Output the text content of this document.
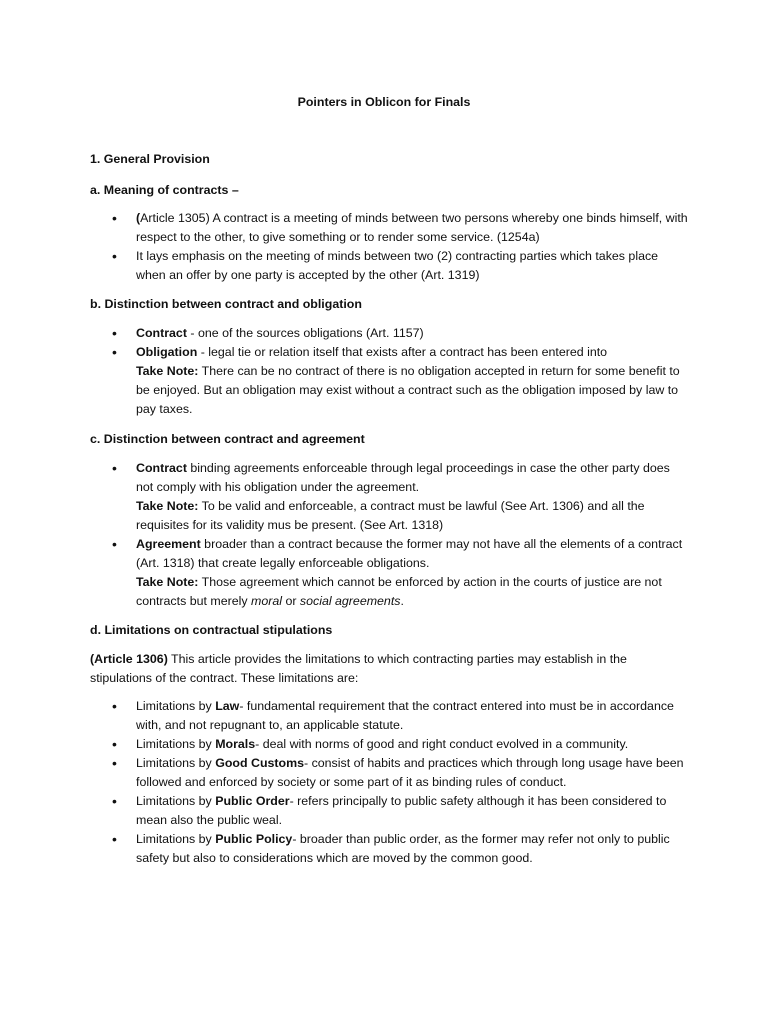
Pointers in Oblicon for Finals
1. General Provision
a. Meaning of contracts –
• (Article 1305) A contract is a meeting of minds between two persons whereby one binds himself, with respect to the other, to give something or to render some service. (1254a)
• It lays emphasis on the meeting of minds between two (2) contracting parties which takes place when an offer by one party is accepted by the other (Art. 1319)
b. Distinction between contract and obligation
• Contract - one of the sources obligations (Art. 1157)
• Obligation - legal tie or relation itself that exists after a contract has been entered into
Take Note: There can be no contract of there is no obligation accepted in return for some benefit to be enjoyed. But an obligation may exist without a contract such as the obligation imposed by law to pay taxes.
c. Distinction between contract and agreement
• Contract binding agreements enforceable through legal proceedings in case the other party does not comply with his obligation under the agreement.
Take Note: To be valid and enforceable, a contract must be lawful (See Art. 1306) and all the requisites for its validity mus be present. (See Art. 1318)
• Agreement broader than a contract because the former may not have all the elements of a contract (Art. 1318) that create legally enforceable obligations.
Take Note: Those agreement which cannot be enforced by action in the courts of justice are not contracts but merely moral or social agreements.
d. Limitations on contractual stipulations
(Article 1306) This article provides the limitations to which contracting parties may establish in the stipulations of the contract. These limitations are:
• Limitations by Law- fundamental requirement that the contract entered into must be in accordance with, and not repugnant to, an applicable statute.
• Limitations by Morals- deal with norms of good and right conduct evolved in a community.
• Limitations by Good Customs- consist of habits and practices which through long usage have been followed and enforced by society or some part of it as binding rules of conduct.
• Limitations by Public Order- refers principally to public safety although it has been considered to mean also the public weal.
• Limitations by Public Policy- broader than public order, as the former may refer not only to public safety but also to considerations which are moved by the common good.
